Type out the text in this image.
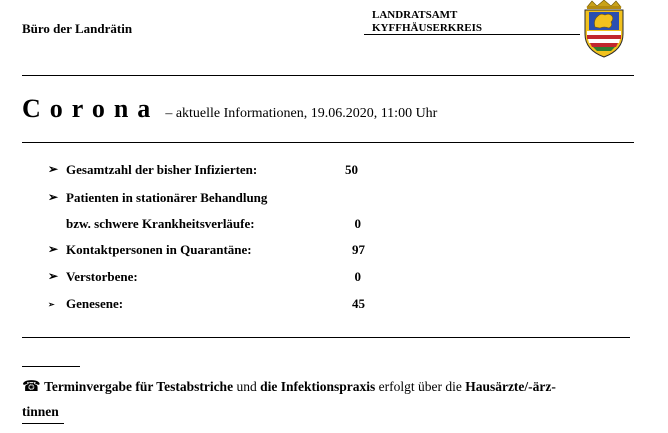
Büro der Landrätin
LANDRATSAMT
KYFFHÄUSERKREIS
Corona – aktuelle Informationen, 19.06.2020, 11:00 Uhr
➢ Gesamtzahl der bisher Infizierten:	50
➢ Patienten in stationärer Behandlung
bzw. schwere Krankheitsverläufe:	0
➢ Kontaktpersonen in Quarantäne:	97
➢ Verstorbene:	0
➢ Genesene:	45
☎ Terminvergabe für Testabstriche und die Infektionspraxis erfolgt über die Hausärzte/-ärz-
tinnen
